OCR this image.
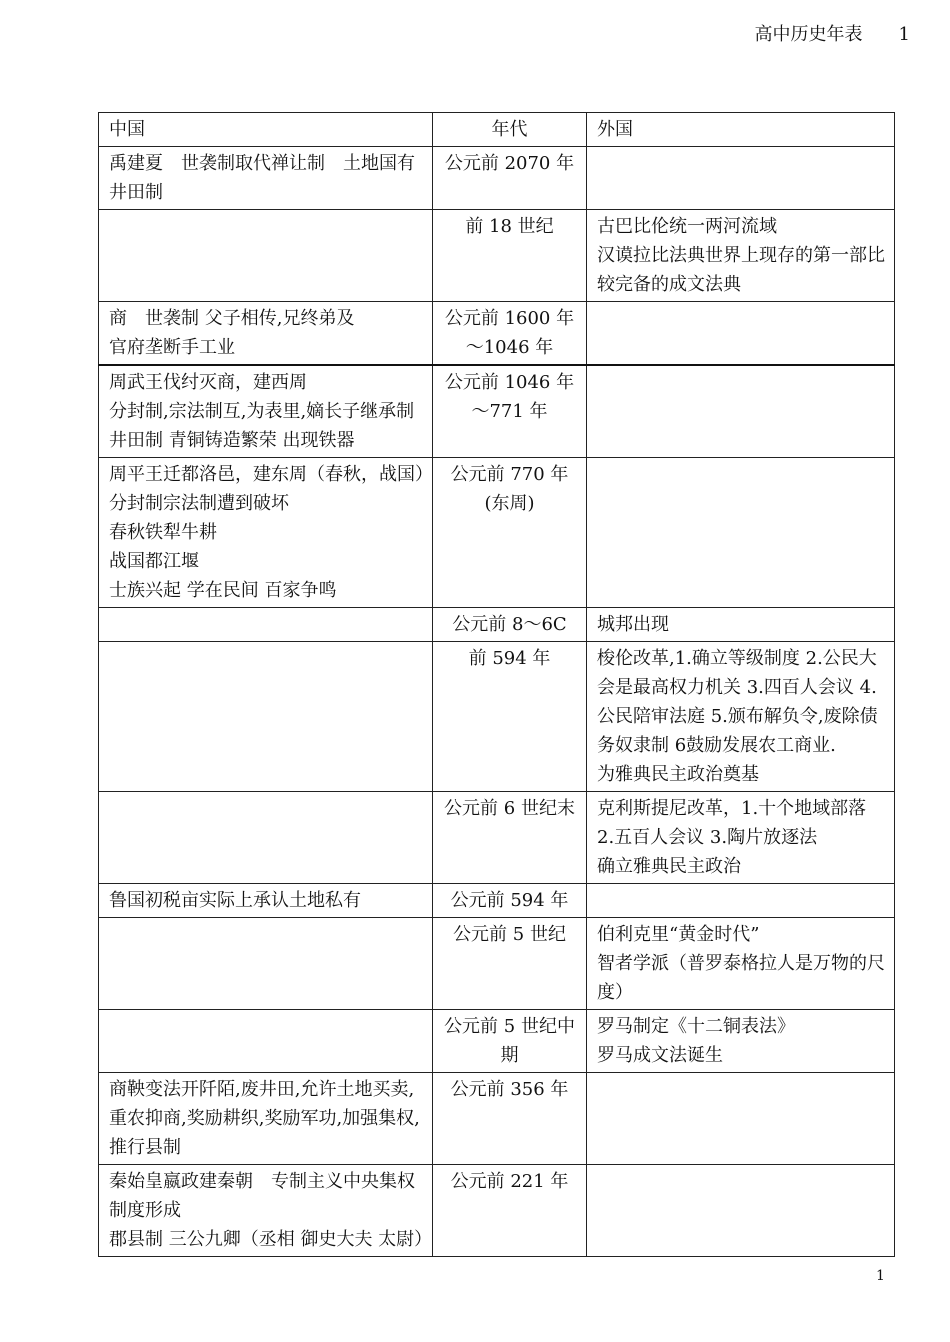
高中历史年表 1
中国	年代	外国

禹建夏　世袭制取代禅让制　土地国有井田制	公元前 2070 年	
	前 18 世纪	古巴比伦统一两河流域
汉谟拉比法典世界上现存的第一部比较完备的成文法典

商　世袭制 父子相传,兄终弟及
官府垄断手工业	公元前 1600 年～1046 年	

周武王伐纣灭商，建西周
分封制,宗法制互,为表里,嫡长子继承制
井田制 青铜铸造繁荣 出现铁器	公元前 1046 年～771 年	

周平王迁都洛邑，建东周（春秋，战国）
分封制宗法制遭到破坏
春秋铁犁牛耕
战国都江堰
士族兴起 学在民间 百家争鸣	公元前 770 年 (东周)	
	公元前 8～6C	城邦出现

	前 594 年	梭伦改革,1.确立等级制度 2.公民大会是最高权力机关 3.四百人会议 4.公民陪审法庭 5.颁布解负令,废除债务奴隶制 6鼓励发展农工商业.
为雅典民主政治奠基

	公元前 6 世纪末	克利斯提尼改革，1.十个地域部落 2.五百人会议 3.陶片放逐法
确立雅典民主政治

鲁国初税亩实际上承认土地私有	公元前 594 年	
	公元前 5 世纪	伯利克里“黄金时代”
智者学派（普罗泰格拉人是万物的尺度）

	公元前 5 世纪中期	罗马制定《十二铜表法》
罗马成文法诞生

商鞅变法开阡陌,废井田,允许土地买卖,重农抑商,奖励耕织,奖励军功,加强集权,推行县制	公元前 356 年	

秦始皇嬴政建秦朝　专制主义中央集权制度形成
郡县制 三公九卿（丞相 御史大夫 太尉）	公元前 221 年	
1
